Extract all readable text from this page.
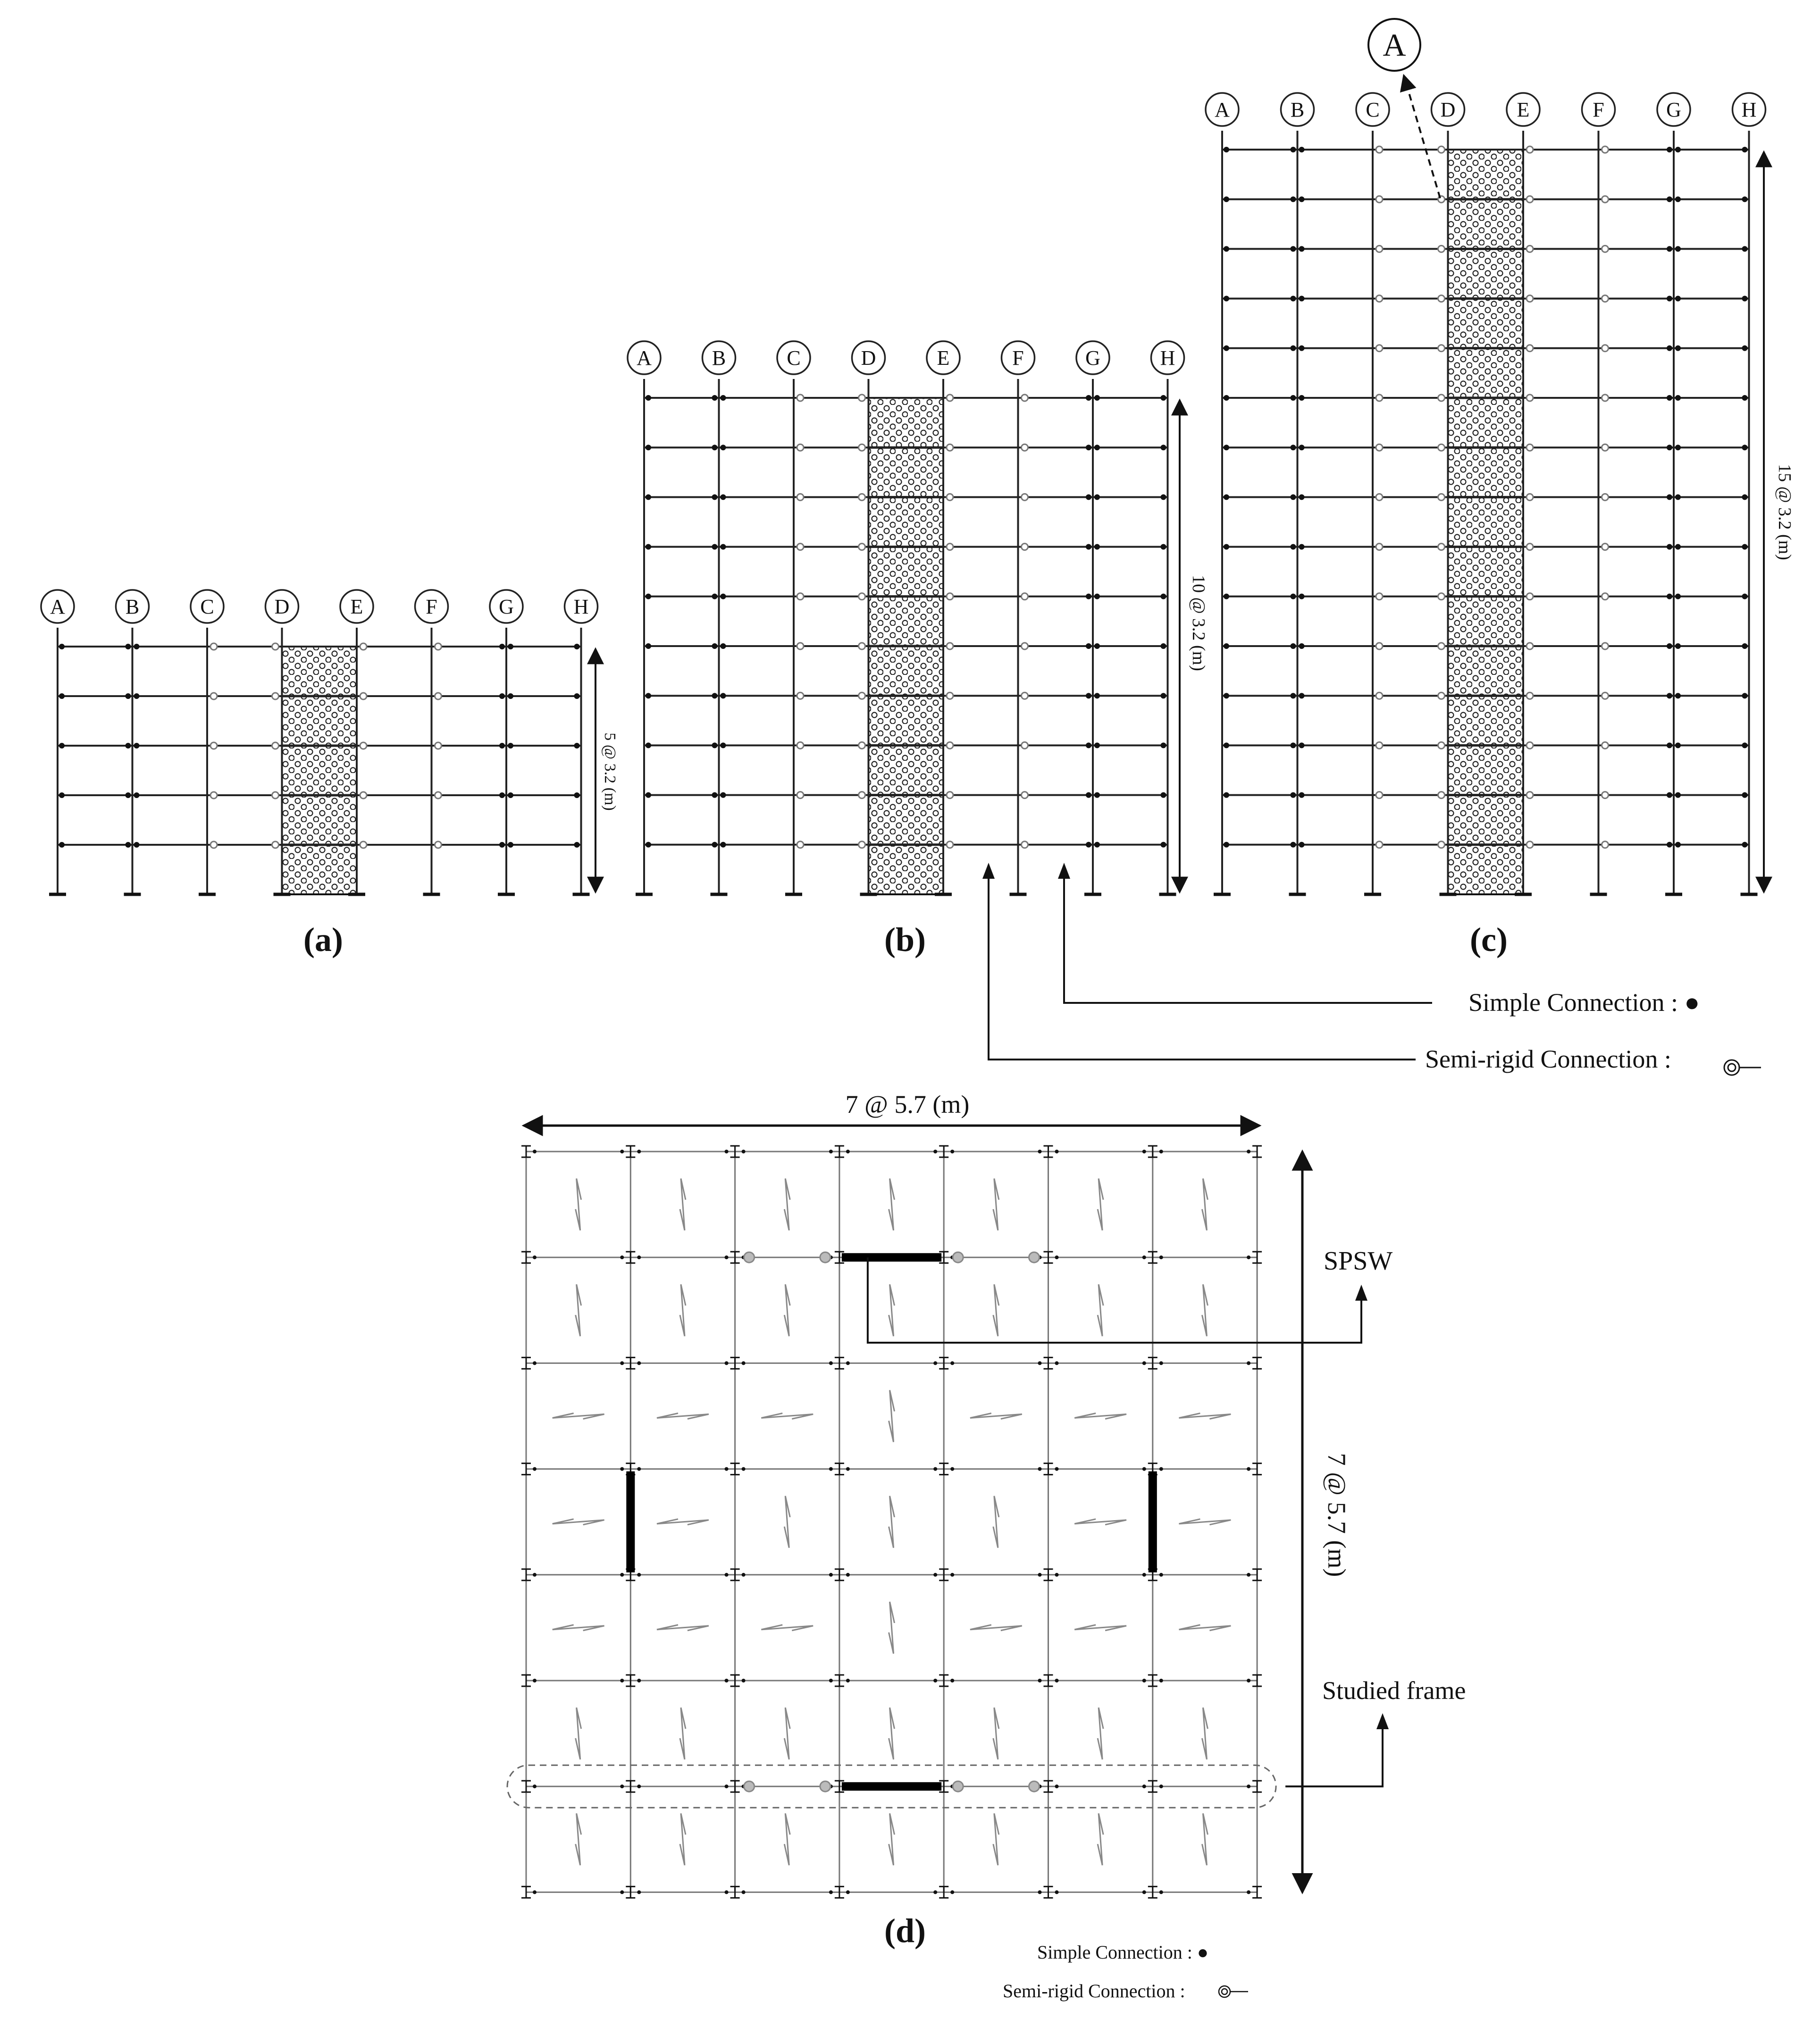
A	B	C	D	E	F	G	H
(a)
5 @ 3.2 (m)
A	B	C	D	E	F	G	H
(b)
10 @ 3.2 (m)
A	B	C	D	E	F	G	H
(c)
15 @ 3.2 (m)
A
Simple Connection : ●
Semi-rigid Connection :
7 @ 5.7 (m)
7 @ 5.7 (m)
SPSW
Studied frame
(d)
Simple Connection : ●
Semi-rigid Connection :
